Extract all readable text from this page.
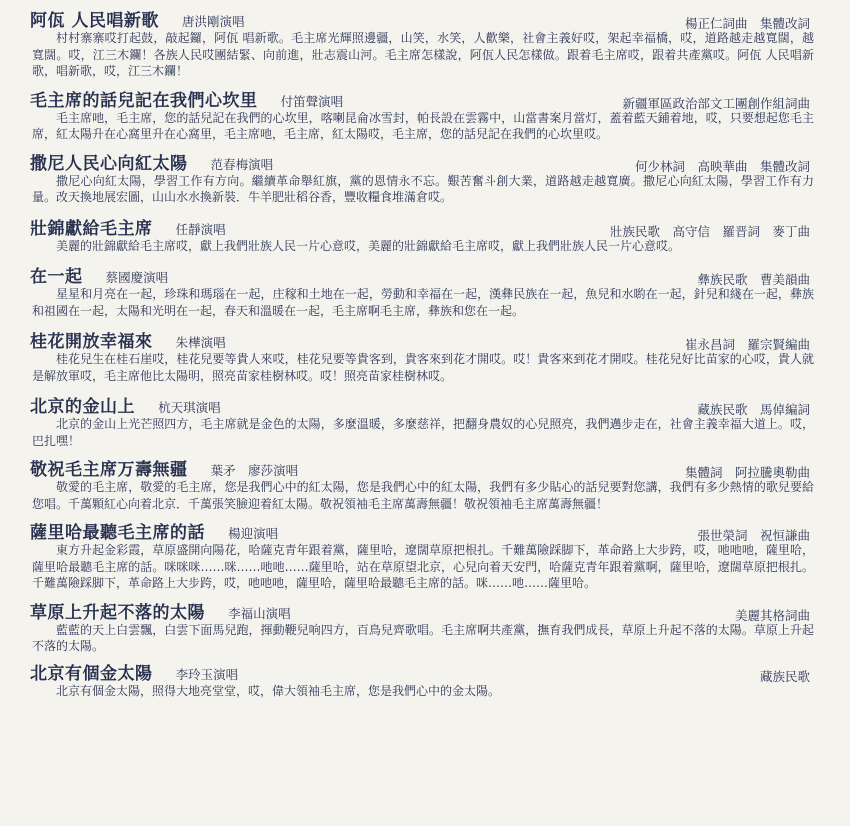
阿佤 人民唱新歌 唐洪剛演唱	楊正仁詞曲　集體改詞
村村寨寨哎打起鼓，敲起鑼，阿佤 唱新歌。毛主席光輝照邊疆，山笑，水笑，人歡樂，社會主義好哎，架起幸福橋，哎，道路越走越寬闊，越寬闊。哎，江三木鑭！各族人民哎團結緊、向前進，壯志震山河。毛主席怎樣說，阿佤人民怎樣做。跟着毛主席哎，跟着共產黨哎。阿佤 人民唱新歌，唱新歌，哎，江三木鑭！
毛主席的話兒記在我們心坎里 付笛聲演唱	新疆軍區政治部文工團創作組詞曲
毛主席吔，毛主席，您的話兒記在我們的心坎里，喀喇昆侖冰雪封，帕長設在雲霧中，山當書案月當灯，蓋着藍天鋪着地，哎，只要想起您毛主席，紅太陽升在心窩里升在心窩里，毛主席吔，毛主席，紅太陽哎，毛主席，您的話兒記在我們的心坎里哎。
撒尼人民心向紅太陽 范春梅演唱	何少林詞　高映華曲　集體改詞
撒尼心向紅太陽，學習工作有方向。繼續革命舉紅旗，黨的恩情永不忘。艱苦奮斗創大業，道路越走越寬廣。撒尼心向紅太陽，學習工作有力量。改天換地展宏圖，山山水水換新裝．牛羊肥壯稻谷香，豐收糧食堆滿倉哎。
壯錦獻給毛主席 任靜演唱	壯族民歌　高守信　羅晋詞　麥丁曲
美麗的壯錦獻給毛主席哎，獻上我們壯族人民一片心意哎，美麗的壯錦獻給毛主席哎，獻上我們壯族人民一片心意哎。
在一起 蔡國慶演唱	彝族民歌　曹美韻曲
星星和月亮在一起，珍珠和瑪瑙在一起，庄稼和土地在一起，勞動和幸福在一起，漢彝民族在一起，魚兒和水喲在一起，針兒和綫在一起，彝族和祖國在一起，太陽和光明在一起，春天和溫暖在一起，毛主席啊毛主席，彝族和您在一起。
桂花開放幸福來 朱樺演唱	崔永昌詞　羅宗賢編曲
桂花兒生在桂石崖哎，桂花兒要等貴人來哎，桂花兒要等貴客到，貴客來到花才開哎。哎！貴客來到花才開哎。桂花兒好比苗家的心哎，貴人就是解放軍哎，毛主席他比太陽明，照亮苗家桂樹林哎。哎！照亮苗家桂樹林哎。
北京的金山上 杭天琪演唱	藏族民歌　馬倬編詞
北京的金山上光芒照四方，毛主席就是金色的太陽，多麼溫暖，多麼慈祥，把翻身農奴的心兒照亮，我們邁步走在，社會主義幸福大道上。哎，巴扎嘿！
敬祝毛主席万壽無疆 葉矛　廖莎演唱	集體詞　阿拉騰奧勒曲
敬愛的毛主席，敬愛的毛主席，您是我們心中的紅太陽，您是我們心中的紅太陽，我們有多少貼心的話兒要對您講，我們有多少熱情的歌兒要給您唱。千萬顆紅心向着北京．千萬張笑臉迎着紅太陽。敬祝領袖毛主席萬壽無疆！敬祝領袖毛主席萬壽無疆！
薩里哈最聽毛主席的話 楊迎演唱	張世榮詞　祝恒謙曲
東方升起金彩霞，草原盛開向陽花，哈薩克青年跟着黨，薩里哈，遼闊草原把根扎。千難萬險踩脚下，革命路上大步跨，哎，吔吔吔，薩里哈，薩里哈最聽毛主席的話。咪咪咪……咪……吔吔……薩里哈，站在草原望北京，心兒向着天安門，哈薩克青年跟着黨啊，薩里哈，遼闊草原把根扎。千難萬險踩脚下，革命路上大步跨，哎，吔吔吔，薩里哈，薩里哈最聽毛主席的話。咪……吔……薩里哈。
草原上升起不落的太陽 李福山演唱	美麗其格詞曲
藍藍的天上白雲飄，白雲下面馬兒跑，揮動鞭兒响四方，百鳥兒齊歌唱。毛主席啊共產黨，撫育我們成長，草原上升起不落的太陽。草原上升起不落的太陽。
北京有個金太陽 李玲玉演唱	藏族民歌
北京有個金太陽，照得大地亮堂堂，哎，偉大領袖毛主席，您是我們心中的金太陽。
